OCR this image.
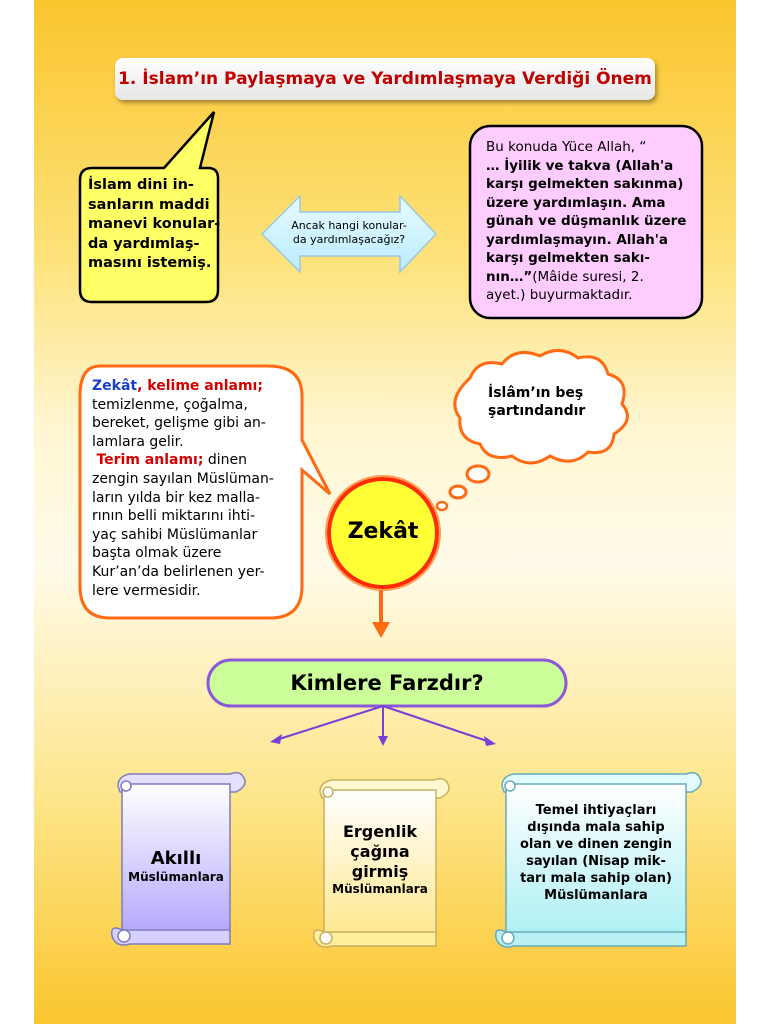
1. İslam’ın Paylaşmaya ve Yardımlaşmaya Verdiği Önem
İslam dini in-
sanların maddi
manevi konular-
da yardımlaş-
masını istemiş.
Ancak hangi konular-
da yardımlaşacağız?
Bu konuda Yüce Allah, “
… İyilik ve takva (Allah'a
karşı gelmekten sakınma)
üzere yardımlaşın. Ama
günah ve düşmanlık üzere
yardımlaşmayın. Allah'a
karşı gelmekten sakı-
nın…”(Mâide suresi, 2.
ayet.) buyurmaktadır.
Zekât, kelime anlamı;
temizlenme, çoğalma,
bereket, gelişme gibi an-
lamlara gelir.
Terim anlamı; dinen
zengin sayılan Müslüman-
ların yılda bir kez malla-
rının belli miktarını ihti-
yaç sahibi Müslümanlar
başta olmak üzere
Kur’an’da belirlenen yer-
lere vermesidir.
İslâm’ın beş
şartındandır
Zekât
Kimlere Farzdır?
Akıllı
Müslümanlara
Ergenlik
çağına
girmiş
Müslümanlara
Temel ihtiyaçları
dışında mala sahip
olan ve dinen zengin
sayılan (Nisap mik-
tarı mala sahip olan)
Müslümanlara
